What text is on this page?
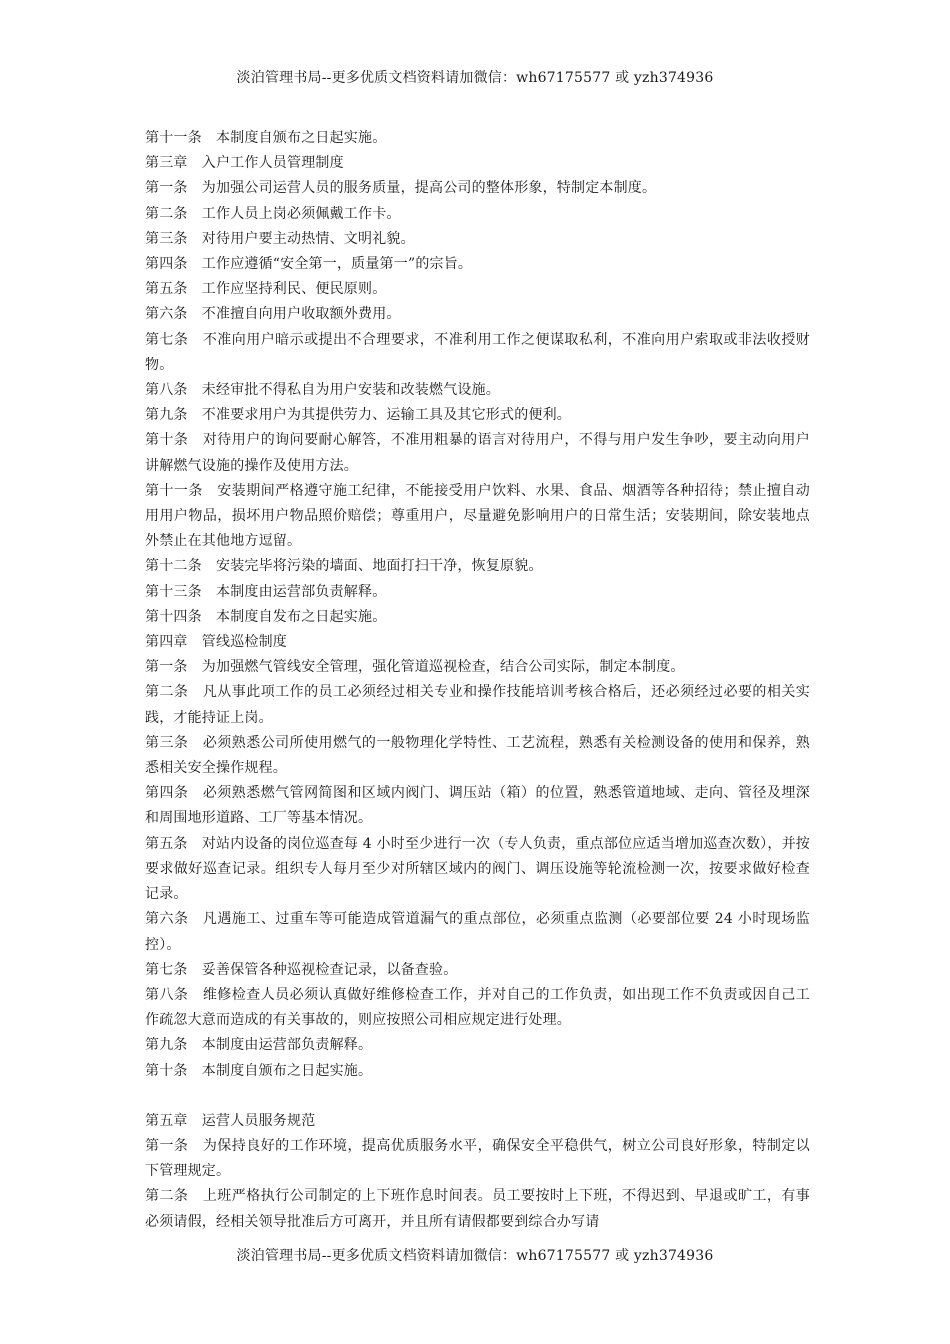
淡泊管理书局--更多优质文档资料请加微信：wh67175577 或 yzh374936

第十一条　本制度自颁布之日起实施。

第三章　入户工作人员管理制度

第一条　为加强公司运营人员的服务质量，提高公司的整体形象，特制定本制度。

第二条　工作人员上岗必须佩戴工作卡。

第三条　对待用户要主动热情、文明礼貌。

第四条　工作应遵循“安全第一，质量第一”的宗旨。

第五条　工作应坚持利民、便民原则。

第六条　不准擅自向用户收取额外费用。

第七条　不准向用户暗示或提出不合理要求，不准利用工作之便谋取私利，不准向用户索取或非法收授财物。

第八条　未经审批不得私自为用户安装和改装燃气设施。

第九条　不准要求用户为其提供劳力、运输工具及其它形式的便利。

第十条　对待用户的询问要耐心解答，不准用粗暴的语言对待用户，不得与用户发生争吵，要主动向用户讲解燃气设施的操作及使用方法。

第十一条　安装期间严格遵守施工纪律，不能接受用户饮料、水果、食品、烟酒等各种招待；禁止擅自动用用户物品，损坏用户物品照价赔偿；尊重用户，尽量避免影响用户的日常生活；安装期间，除安装地点外禁止在其他地方逗留。

第十二条　安装完毕将污染的墙面、地面打扫干净，恢复原貌。

第十三条　本制度由运营部负责解释。

第十四条　本制度自发布之日起实施。

第四章　管线巡检制度

第一条　为加强燃气管线安全管理，强化管道巡视检查，结合公司实际，制定本制度。

第二条　凡从事此项工作的员工必须经过相关专业和操作技能培训考核合格后，还必须经过必要的相关实践，才能持证上岗。

第三条　必须熟悉公司所使用燃气的一般物理化学特性、工艺流程，熟悉有关检测设备的使用和保养，熟悉相关安全操作规程。

第四条　必须熟悉燃气管网简图和区域内阀门、调压站（箱）的位置，熟悉管道地域、走向、管径及埋深和周围地形道路、工厂等基本情况。

第五条　对站内设备的岗位巡查每 4 小时至少进行一次（专人负责，重点部位应适当增加巡查次数），并按要求做好巡查记录。组织专人每月至少对所辖区域内的阀门、调压设施等轮流检测一次，按要求做好检查记录。

第六条　凡遇施工、过重车等可能造成管道漏气的重点部位，必须重点监测（必要部位要 24 小时现场监控）。

第七条　妥善保管各种巡视检查记录，以备查验。

第八条　维修检查人员必须认真做好维修检查工作，并对自己的工作负责，如出现工作不负责或因自己工作疏忽大意而造成的有关事故的，则应按照公司相应规定进行处理。

第九条　本制度由运营部负责解释。

第十条　本制度自颁布之日起实施。

第五章　运营人员服务规范

第一条　为保持良好的工作环境，提高优质服务水平，确保安全平稳供气，树立公司良好形象，特制定以下管理规定。

第二条　上班严格执行公司制定的上下班作息时间表。员工要按时上下班，不得迟到、早退或旷工，有事必须请假，经相关领导批准后方可离开，并且所有请假都要到综合办写请

淡泊管理书局--更多优质文档资料请加微信：wh67175577 或 yzh374936
